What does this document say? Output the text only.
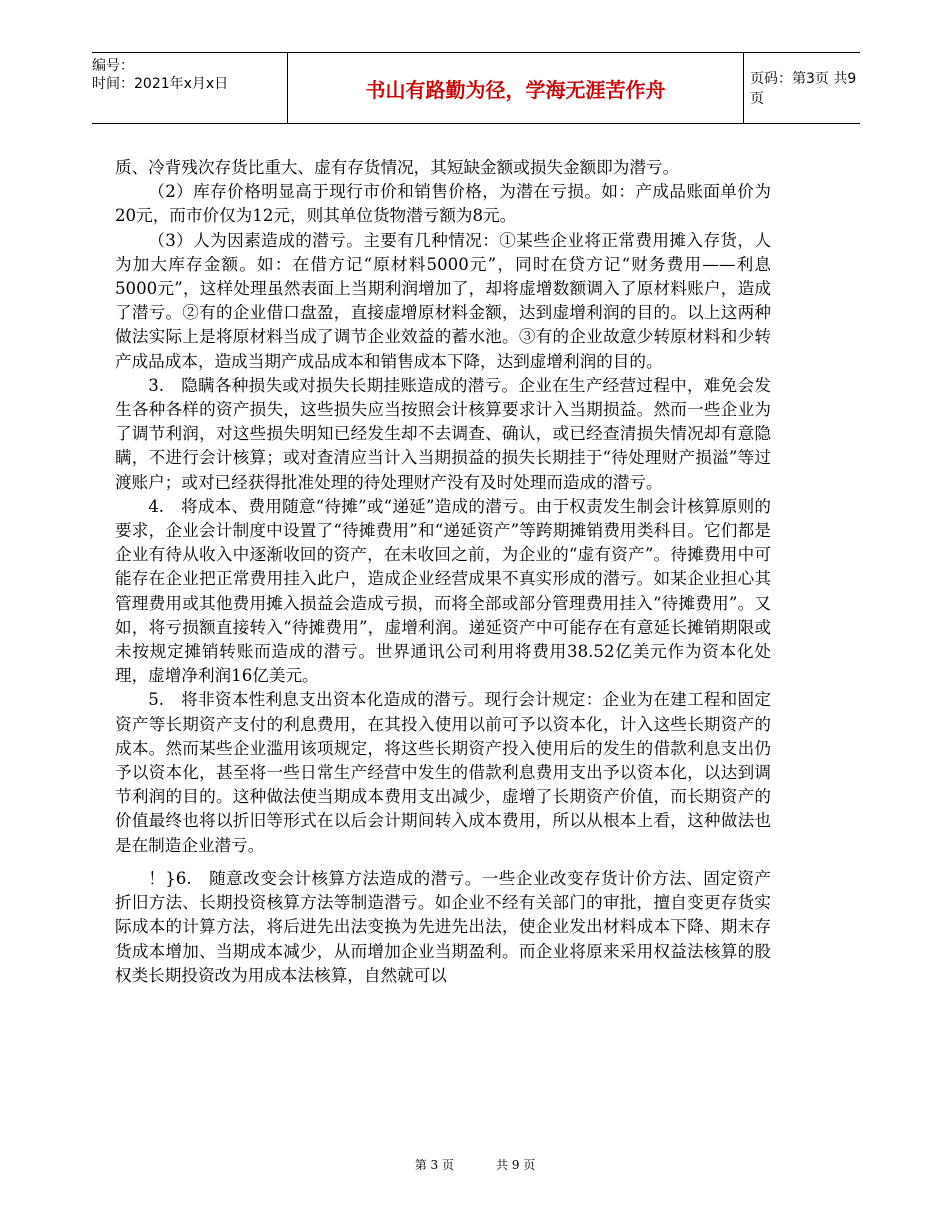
编号：
时间：2021年x月x日	书山有路勤为径，学海无涯苦作舟	页码：第3页 共9页

质、冷背残次存货比重大、虚有存货情况，其短缺金额或损失金额即为潜亏。

（2）库存价格明显高于现行市价和销售价格，为潜在亏损。如：产成品账面单价为20元，而市价仅为12元，则其单位货物潜亏额为8元。

（3）人为因素造成的潜亏。主要有几种情况：①某些企业将正常费用摊入存货，人为加大库存金额。如：在借方记“原材料5000元”，同时在贷方记“财务费用——利息5000元”，这样处理虽然表面上当期利润增加了，却将虚增数额调入了原材料账户，造成了潜亏。②有的企业借口盘盈，直接虚增原材料金额，达到虚增利润的目的。以上这两种做法实际上是将原材料当成了调节企业效益的蓄水池。③有的企业故意少转原材料和少转产成品成本，造成当期产成品成本和销售成本下降，达到虚增利润的目的。

3.　隐瞒各种损失或对损失长期挂账造成的潜亏。企业在生产经营过程中，难免会发生各种各样的资产损失，这些损失应当按照会计核算要求计入当期损益。然而一些企业为了调节利润，对这些损失明知已经发生却不去调查、确认，或已经查清损失情况却有意隐瞒，不进行会计核算；或对查清应当计入当期损益的损失长期挂于“待处理财产损溢”等过渡账户；或对已经获得批准处理的待处理财产没有及时处理而造成的潜亏。

4.　将成本、费用随意“待摊”或“递延”造成的潜亏。由于权责发生制会计核算原则的要求，企业会计制度中设置了“待摊费用”和“递延资产”等跨期摊销费用类科目。它们都是企业有待从收入中逐渐收回的资产，在未收回之前，为企业的“虚有资产”。待摊费用中可能存在企业把正常费用挂入此户，造成企业经营成果不真实形成的潜亏。如某企业担心其管理费用或其他费用摊入损益会造成亏损，而将全部或部分管理费用挂入“待摊费用”。又如，将亏损额直接转入“待摊费用”，虚增利润。递延资产中可能存在有意延长摊销期限或未按规定摊销转账而造成的潜亏。世界通讯公司利用将费用38.52亿美元作为资本化处理，虚增净利润16亿美元。

5.　将非资本性利息支出资本化造成的潜亏。现行会计规定：企业为在建工程和固定资产等长期资产支付的利息费用，在其投入使用以前可予以资本化，计入这些长期资产的成本。然而某些企业滥用该项规定，将这些长期资产投入使用后的发生的借款利息支出仍予以资本化，甚至将一些日常生产经营中发生的借款利息费用支出予以资本化，以达到调节利润的目的。这种做法使当期成本费用支出减少，虚增了长期资产价值，而长期资产的价值最终也将以折旧等形式在以后会计期间转入成本费用，所以从根本上看，这种做法也是在制造企业潜亏。

！}6.　随意改变会计核算方法造成的潜亏。一些企业改变存货计价方法、固定资产折旧方法、长期投资核算方法等制造潜亏。如企业不经有关部门的审批，擅自变更存货实际成本的计算方法，将后进先出法变换为先进先出法，使企业发出材料成本下降、期末存货成本增加、当期成本减少，从而增加企业当期盈利。而企业将原来采用权益法核算的股权类长期投资改为用成本法核算，自然就可以

第 3 页	共 9 页
